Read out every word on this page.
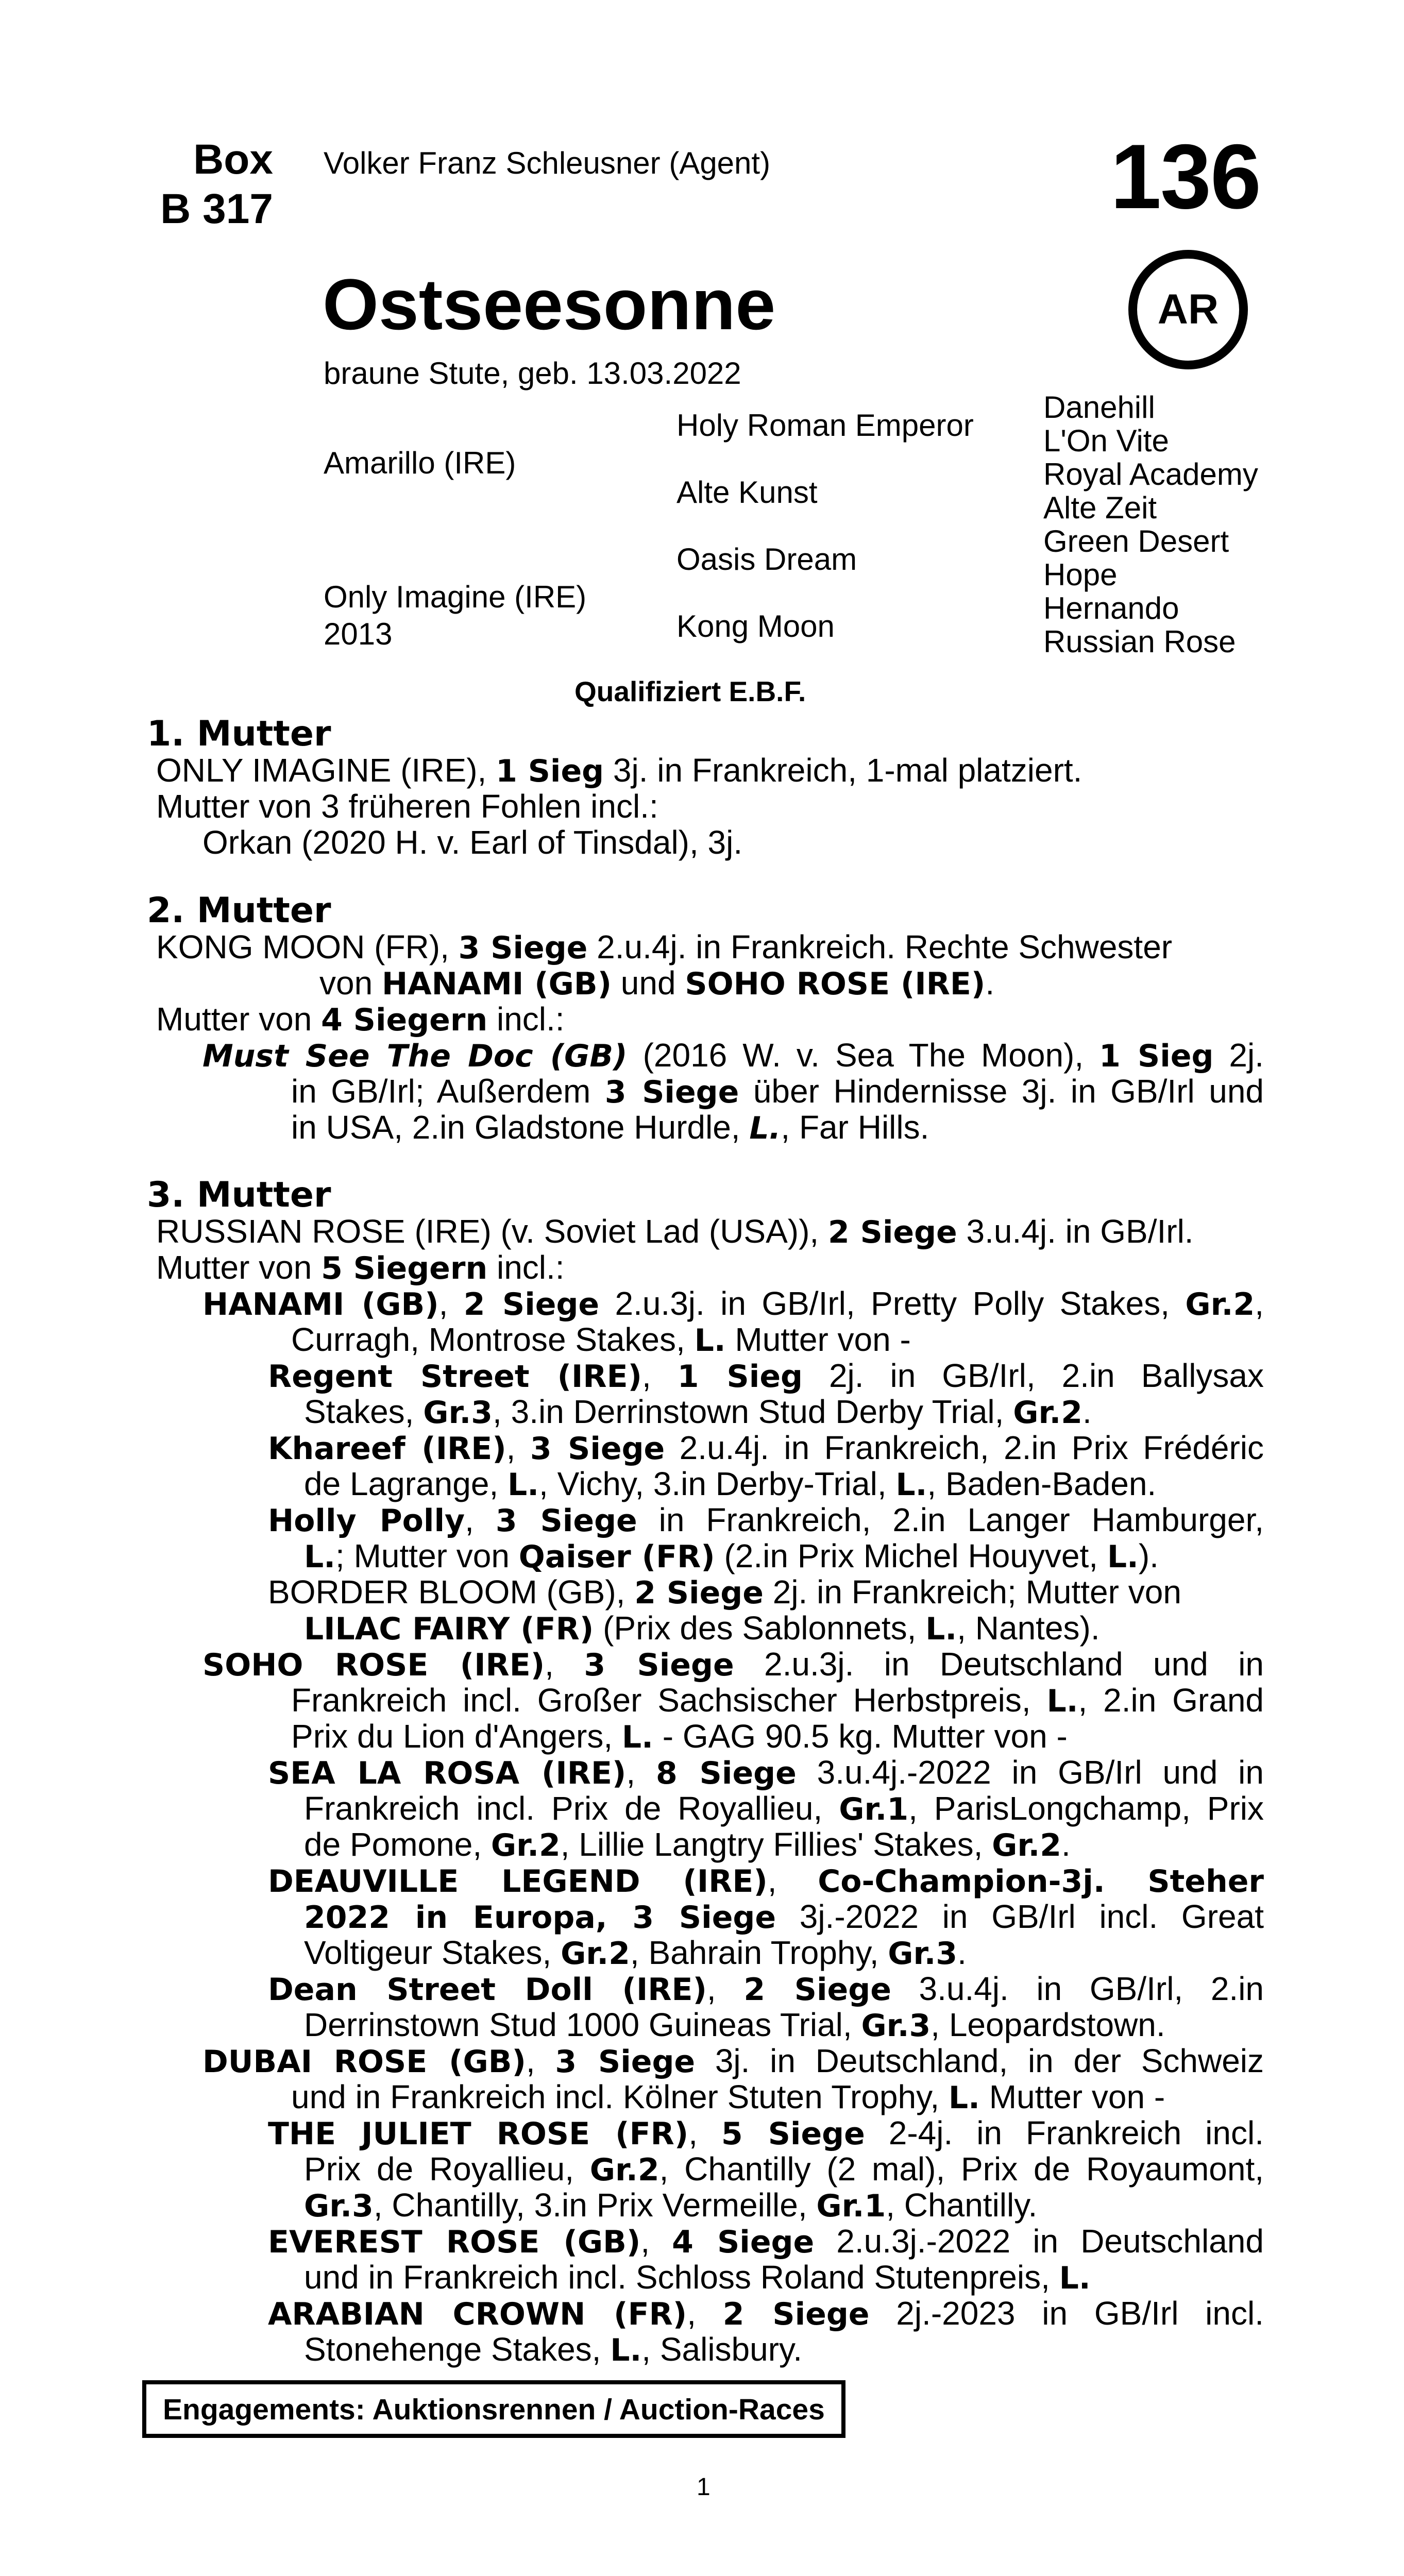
Box
B 317
Volker Franz Schleusner (Agent)	136
AR
Ostseesonne
braune Stute, geb. 13.03.2022
Amarillo (IRE)
Only Imagine (IRE)
2013
Holy Roman Emperor
Alte Kunst
Oasis Dream
Kong Moon
Danehill
L'On Vite
Royal Academy
Alte Zeit
Green Desert
Hope
Hernando
Russian Rose
Qualifiziert E.B.F.
1. Mutter
ONLY IMAGINE (IRE), 1 Sieg 3j. in Frankreich, 1-mal platziert.
Mutter von 3 früheren Fohlen incl.:
Orkan (2020 H. v. Earl of Tinsdal), 3j.
2. Mutter
KONG MOON (FR), 3 Siege 2.u.4j. in Frankreich. Rechte Schwester
von HANAMI (GB) und SOHO ROSE (IRE).
Mutter von 4 Siegern incl.:
Must See The Doc (GB) (2016 W. v. Sea The Moon), 1 Sieg 2j.
in GB/Irl; Außerdem 3 Siege über Hindernisse 3j. in GB/Irl und
in USA, 2.in Gladstone Hurdle, L., Far Hills.
3. Mutter
RUSSIAN ROSE (IRE) (v. Soviet Lad (USA)), 2 Siege 3.u.4j. in GB/Irl.
Mutter von 5 Siegern incl.:
HANAMI (GB), 2 Siege 2.u.3j. in GB/Irl, Pretty Polly Stakes, Gr.2,
Curragh, Montrose Stakes, L. Mutter von -
Regent Street (IRE), 1 Sieg 2j. in GB/Irl, 2.in Ballysax
Stakes, Gr.3, 3.in Derrinstown Stud Derby Trial, Gr.2.
Khareef (IRE), 3 Siege 2.u.4j. in Frankreich, 2.in Prix Frédéric
de Lagrange, L., Vichy, 3.in Derby-Trial, L., Baden-Baden.
Holly Polly, 3 Siege in Frankreich, 2.in Langer Hamburger,
L.; Mutter von Qaiser (FR) (2.in Prix Michel Houyvet, L.).
BORDER BLOOM (GB), 2 Siege 2j. in Frankreich; Mutter von
LILAC FAIRY (FR) (Prix des Sablonnets, L., Nantes).
SOHO ROSE (IRE), 3 Siege 2.u.3j. in Deutschland und in
Frankreich incl. Großer Sachsischer Herbstpreis, L., 2.in Grand
Prix du Lion d'Angers, L. - GAG 90.5 kg. Mutter von -
SEA LA ROSA (IRE), 8 Siege 3.u.4j.-2022 in GB/Irl und in
Frankreich incl. Prix de Royallieu, Gr.1, ParisLongchamp, Prix
de Pomone, Gr.2, Lillie Langtry Fillies' Stakes, Gr.2.
DEAUVILLE LEGEND (IRE), Co-Champion-3j. Steher
2022 in Europa, 3 Siege 3j.-2022 in GB/Irl incl. Great
Voltigeur Stakes, Gr.2, Bahrain Trophy, Gr.3.
Dean Street Doll (IRE), 2 Siege 3.u.4j. in GB/Irl, 2.in
Derrinstown Stud 1000 Guineas Trial, Gr.3, Leopardstown.
DUBAI ROSE (GB), 3 Siege 3j. in Deutschland, in der Schweiz
und in Frankreich incl. Kölner Stuten Trophy, L. Mutter von -
THE JULIET ROSE (FR), 5 Siege 2-4j. in Frankreich incl.
Prix de Royallieu, Gr.2, Chantilly (2 mal), Prix de Royaumont,
Gr.3, Chantilly, 3.in Prix Vermeille, Gr.1, Chantilly.
EVEREST ROSE (GB), 4 Siege 2.u.3j.-2022 in Deutschland
und in Frankreich incl. Schloss Roland Stutenpreis, L.
ARABIAN CROWN (FR), 2 Siege 2j.-2023 in GB/Irl incl.
Stonehenge Stakes, L., Salisbury.
Engagements: Auktionsrennen / Auction-Races
1
